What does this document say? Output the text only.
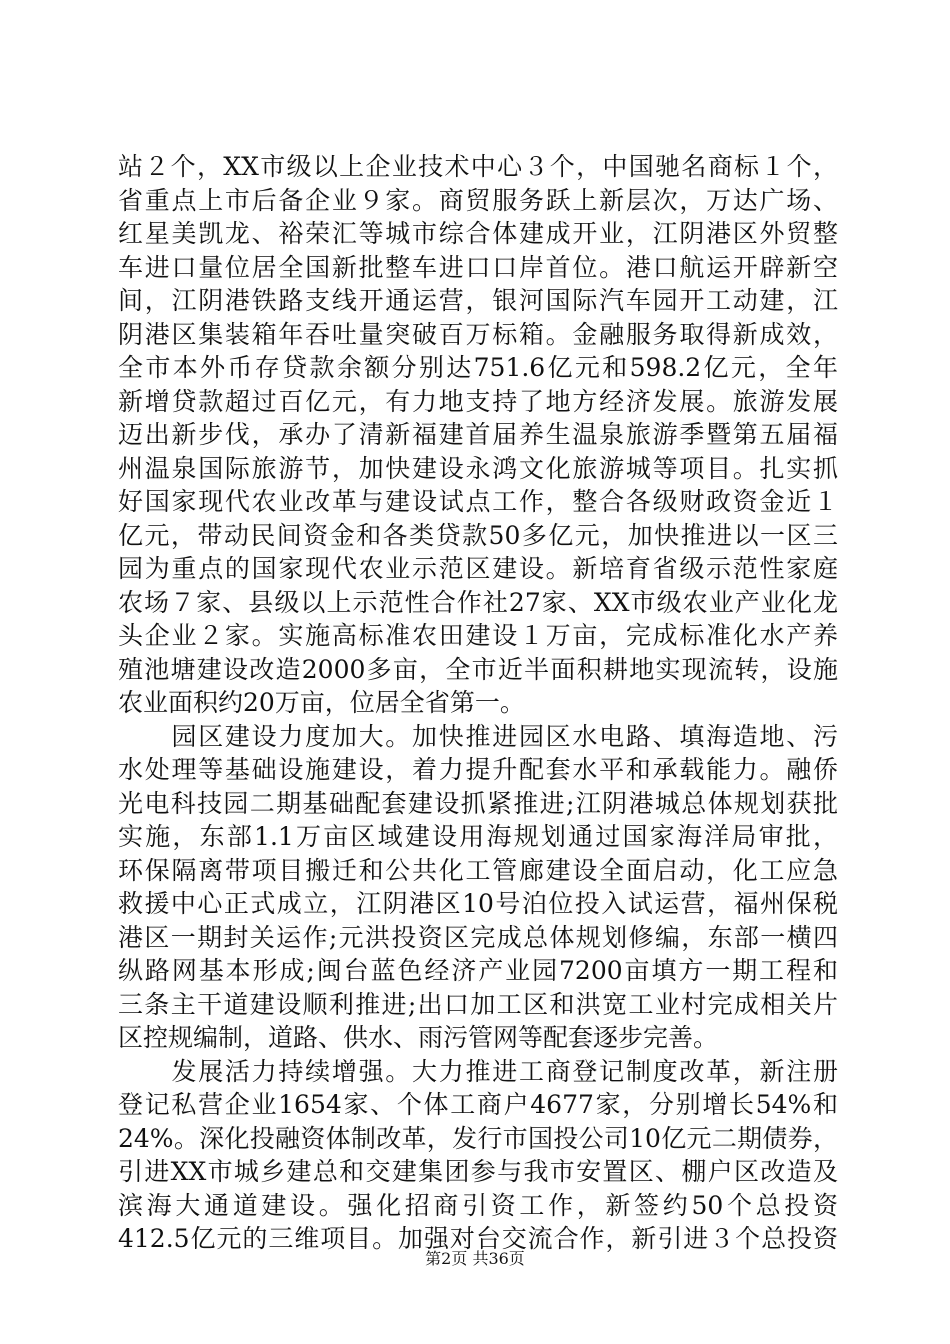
站２个，XX市级以上企业技术中心３个，中国驰名商标１个，
省重点上市后备企业９家。商贸服务跃上新层次，万达广场、
红星美凯龙、裕荣汇等城市综合体建成开业，江阴港区外贸整
车进口量位居全国新批整车进口口岸首位。港口航运开辟新空
间，江阴港铁路支线开通运营，银河国际汽车园开工动建，江
阴港区集装箱年吞吐量突破百万标箱。金融服务取得新成效，
全市本外币存贷款余额分别达751.6亿元和598.2亿元，全年
新增贷款超过百亿元，有力地支持了地方经济发展。旅游发展
迈出新步伐，承办了清新福建首届养生温泉旅游季暨第五届福
州温泉国际旅游节，加快建设永鸿文化旅游城等项目。扎实抓
好国家现代农业改革与建设试点工作，整合各级财政资金近１
亿元，带动民间资金和各类贷款50多亿元，加快推进以一区三
园为重点的国家现代农业示范区建设。新培育省级示范性家庭
农场７家、县级以上示范性合作社27家、XX市级农业产业化龙
头企业２家。实施高标准农田建设１万亩，完成标准化水产养
殖池塘建设改造2000多亩，全市近半面积耕地实现流转，设施
农业面积约20万亩，位居全省第一。
　　园区建设力度加大。加快推进园区水电路、填海造地、污
水处理等基础设施建设，着力提升配套水平和承载能力。融侨
光电科技园二期基础配套建设抓紧推进;江阴港城总体规划获批
实施，东部1.1万亩区域建设用海规划通过国家海洋局审批，
环保隔离带项目搬迁和公共化工管廊建设全面启动，化工应急
救援中心正式成立，江阴港区10号泊位投入试运营，福州保税
港区一期封关运作;元洪投资区完成总体规划修编，东部一横四
纵路网基本形成;闽台蓝色经济产业园7200亩填方一期工程和
三条主干道建设顺利推进;出口加工区和洪宽工业村完成相关片
区控规编制，道路、供水、雨污管网等配套逐步完善。
　　发展活力持续增强。大力推进工商登记制度改革，新注册
登记私营企业1654家、个体工商户4677家，分别增长54%和
24%。深化投融资体制改革，发行市国投公司10亿元二期债券，
引进XX市城乡建总和交建集团参与我市安置区、棚户区改造及
滨海大通道建设。强化招商引资工作，新签约50个总投资
412.5亿元的三维项目。加强对台交流合作，新引进３个总投资
第2页 共36页
